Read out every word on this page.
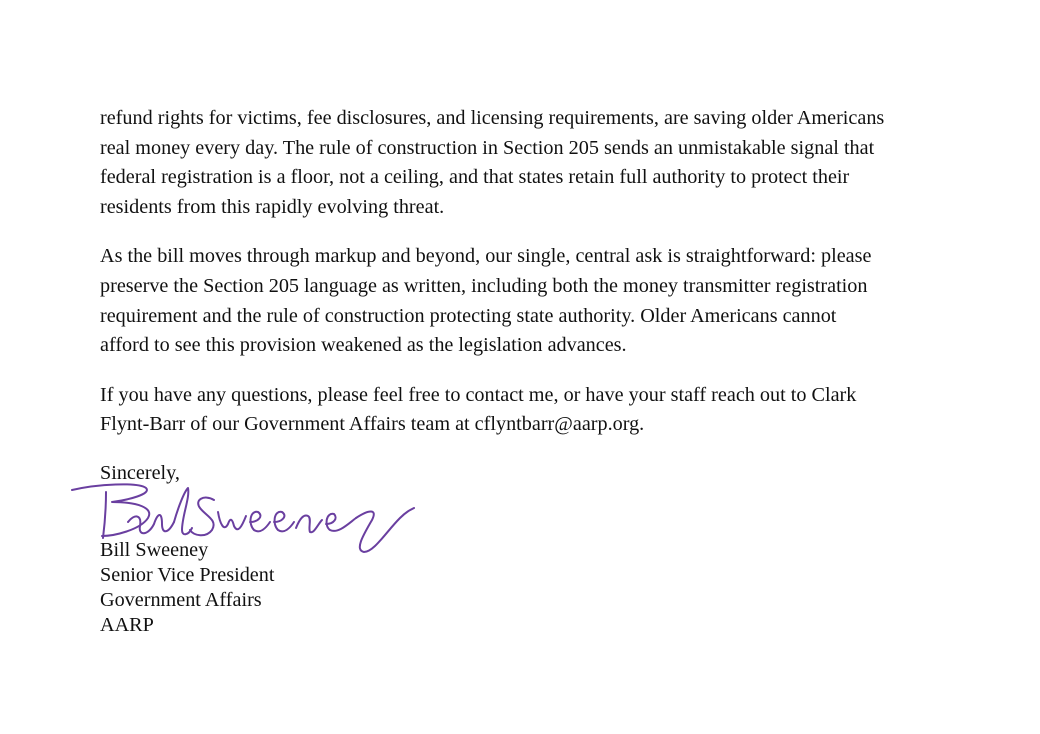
refund rights for victims, fee disclosures, and licensing requirements, are saving older Americans
real money every day. The rule of construction in Section 205 sends an unmistakable signal that
federal registration is a floor, not a ceiling, and that states retain full authority to protect their
residents from this rapidly evolving threat.

As the bill moves through markup and beyond, our single, central ask is straightforward: please
preserve the Section 205 language as written, including both the money transmitter registration
requirement and the rule of construction protecting state authority. Older Americans cannot
afford to see this provision weakened as the legislation advances.

If you have any questions, please feel free to contact me, or have your staff reach out to Clark
Flynt-Barr of our Government Affairs team at cflyntbarr@aarp.org.

Sincerely,
Bill Sweeney
Senior Vice President
Government Affairs
AARP
